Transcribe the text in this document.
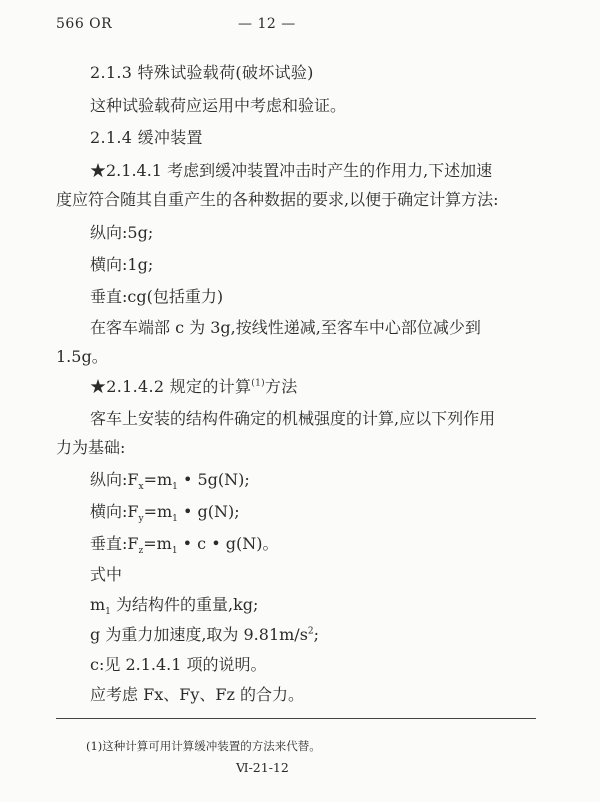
566 OR	— 12 —
2.1.3 特殊试验载荷(破坏试验)
这种试验载荷应运用中考虑和验证。
2.1.4 缓冲装置
★2.1.4.1 考虑到缓冲装置冲击时产生的作用力,下述加速
度应符合随其自重产生的各种数据的要求,以便于确定计算方法:
纵向:5g;
横向:1g;
垂直:cg(包括重力)
在客车端部 c 为 3g,按线性递减,至客车中心部位减少到
1.5g。
★2.1.4.2 规定的计算$^{(1)}$方法
客车上安装的结构件确定的机械强度的计算,应以下列作用
力为基础:
纵向$:F_x=m_1$ • 5g(N);
横向$:F_y=m_1$ • g(N);
垂直$:F_z=m_1$ • c • g(N)。
式中
$m_1$ 为结构件的重量,kg;
g 为重力加速度,取为 $9.81m/s^2$;
c:见 2.1.4.1 项的说明。
应考虑 Fx、Fy、Fz 的合力。
(1)这种计算可用计算缓冲装置的方法来代替。
Ⅵ-21-12
